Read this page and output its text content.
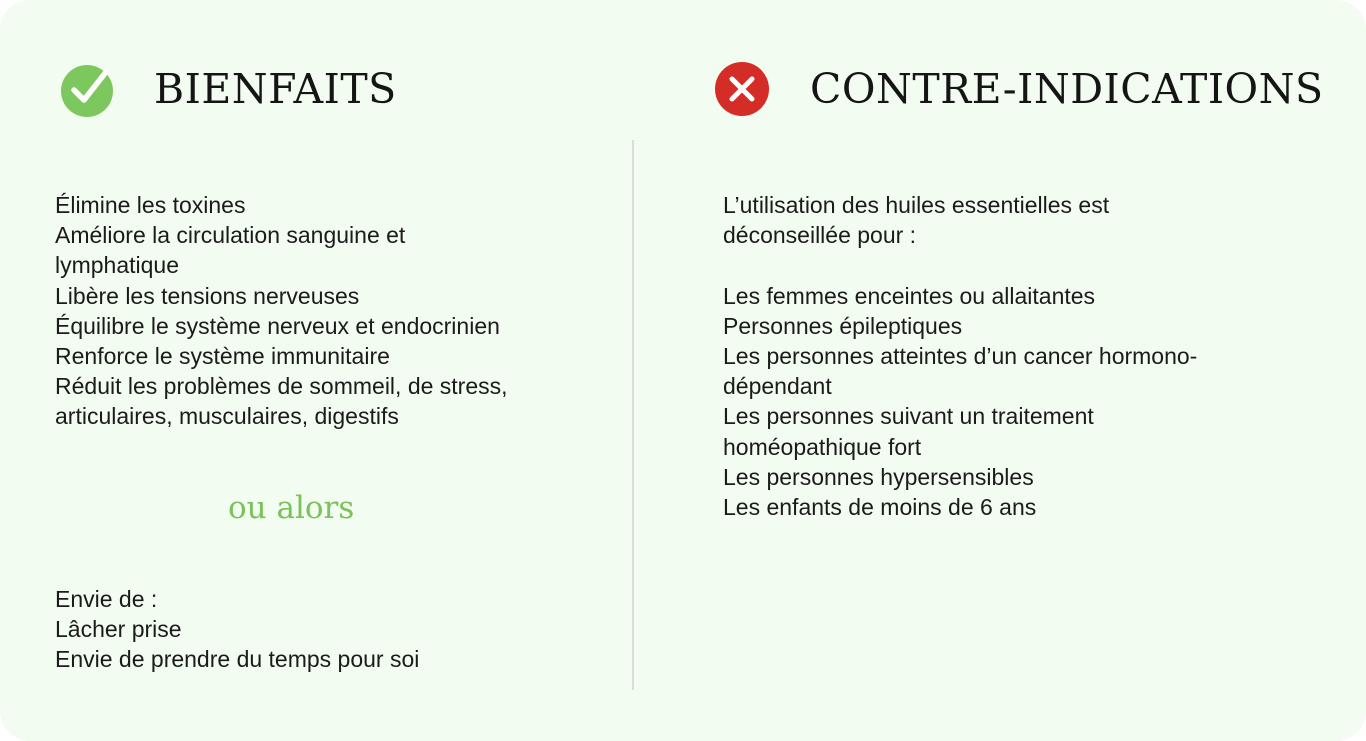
BIENFAITS	CONTRE-INDICATIONS
Élimine les toxines
Améliore la circulation sanguine et
lymphatique
Libère les tensions nerveuses
Équilibre le système nerveux et endocrinien
Renforce le système immunitaire
Réduit les problèmes de sommeil, de stress,
articulaires, musculaires, digestifs
ou alors
Envie de :
Lâcher prise
Envie de prendre du temps pour soi
L’utilisation des huiles essentielles est
déconseillée pour :
Les femmes enceintes ou allaitantes
Personnes épileptiques
Les personnes atteintes d’un cancer hormono-
dépendant
Les personnes suivant un traitement
homéopathique fort
Les personnes hypersensibles
Les enfants de moins de 6 ans
